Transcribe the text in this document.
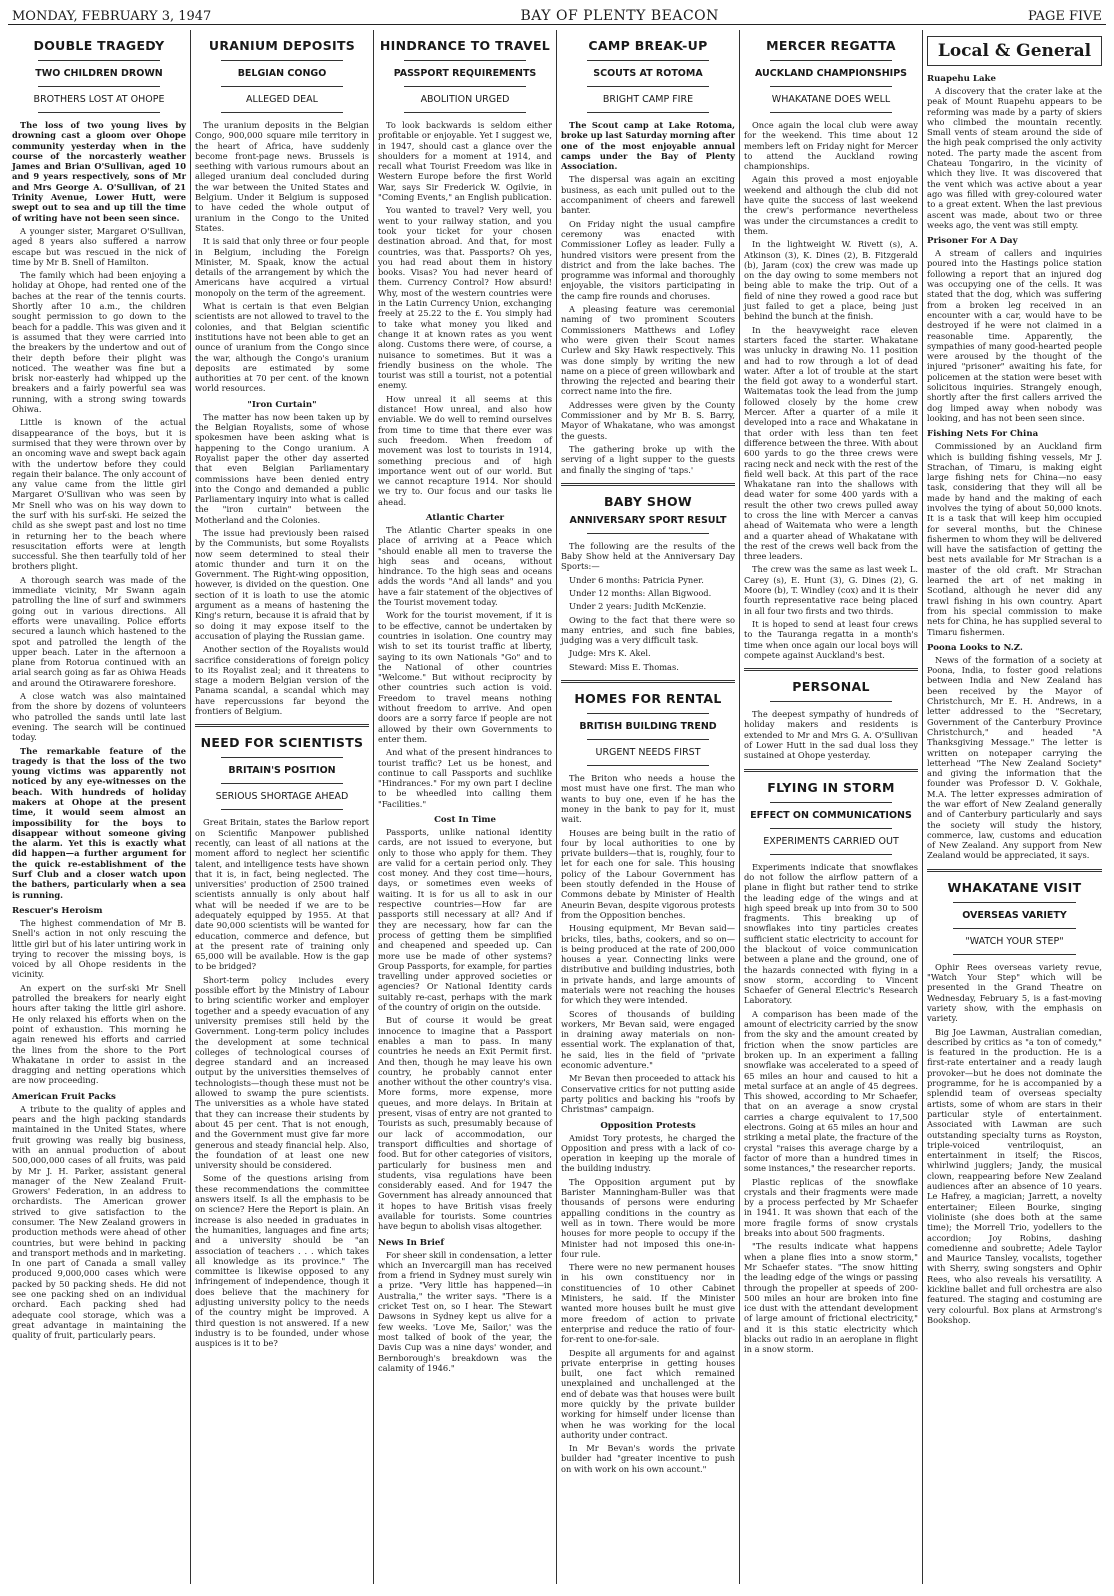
MONDAY, FEBRUARY 3, 1947	BAY OF PLENTY BEACON	PAGE FIVE
DOUBLE TRAGEDY
TWO CHILDREN DROWN
BROTHERS LOST AT OHOPE

The loss of two young lives by drowning cast a gloom over Ohope community yesterday when in the course of the norcasterly weather James and Brian O'Sullivan, aged 10 and 9 years respectively, sons of Mr and Mrs George A. O'Sullivan, of 21 Trinity Avenue, Lower Hutt, were swept out to sea and up till the time of writing have not been seen since.

A younger sister, Margaret O'Sullivan, aged 8 years also suffered a narrow escape but was rescued in the nick of time by Mr B. Snell of Hamilton.

The family which had been enjoying a holiday at Ohope, had rented one of the baches at the rear of the tennis courts. Shortly after 10 a.m., the children sought permission to go down to the beach for a paddle. This was given and it is assumed that they were carried into the breakers by the undertow and out of their depth before their plight was noticed. The weather was fine but a brisk nor-easterly had whipped up the breakers and a fairly powerful sea was running, with a strong swing towards Ohiwa.

Little is known of the actual disappearance of the boys, but it is surmised that they were thrown over by an oncoming wave and swept back again with the undertow before they could regain their balance. The only account of any value came from the little girl Margaret O'Sullivan who was seen by Mr Snell who was on his way down to the surf with his surf-ski. He seized the child as she swept past and lost no time in returning her to the beach where resuscitation efforts were at length successful. She then tearfully told of her brothers plight.

A thorough search was made of the immediate vicinity, Mr Swann again patrolling the line of surf and swimmers going out in various directions. All efforts were unavailing. Police efforts secured a launch which hastened to the spot and patrolled the length of the upper beach. Later in the afternoon a plane from Rotorua continued with an arial search going as far as Ohiwa Heads and around the Otirawarere foreshore.

A close watch was also maintained from the shore by dozens of volunteers who patrolled the sands until late last evening. The search will be continued today.

The remarkable feature of the tragedy is that the loss of the two young victims was apparently not noticed by any eye-witnesses on the beach. With hundreds of holiday makers at Ohope at the present time, it would seem almost an impossibility for the boys to disappear without someone giving the alarm. Yet this is exactly what did happen—a further argument for the quick re-establishment of the Surf Club and a closer watch upon the bathers, particularly when a sea is running.

Rescuer's Heroism

The highest commendation of Mr B. Snell's action in not only rescuing the little girl but of his later untiring work in trying to recover the missing boys, is voiced by all Ohope residents in the vicinity.

An expert on the surf-ski Mr Snell patrolled the breakers for nearly eight hours after taking the little girl ashore. He only relaxed his efforts when on the point of exhaustion. This morning he again renewed his efforts and carried the lines from the shore to the Port Whakatane in order to assist in the dragging and netting operations which are now proceeding.

American Fruit Packs

A tribute to the quality of apples and pears and the high packing standards maintained in the United States, where fruit growing was really big business, with an annual production of about 500,000,000 cases of all fruits, was paid by Mr J. H. Parker, assistant general manager of the New Zealand Fruit-Growers' Federation, in an address to orchardists. The American grower strived to give satisfaction to the consumer. The New Zealand growers in production methods were ahead of other countries, but were behind in packing and transport methods and in marketing. In one part of Canada a small valley produced 9,000,000 cases which were packed by 50 packing sheds. He did not see one packing shed on an individual orchard. Each packing shed had adequate cool storage, which was a great advantage in maintaining the quality of fruit, particularly pears.

URANIUM DEPOSITS
BELGIAN CONGO
ALLEGED DEAL

The uranium deposits in the Belgian Congo, 900,000 square mile territory in the heart of Africa, have suddenly become front-page news. Brussels is seething with various rumours about an alleged uranium deal concluded during the war between the United States and Belgium. Under it Belgium is supposed to have ceded the whole output of uranium in the Congo to the United States.

It is said that only three or four people in Belgium, including the Foreign Minister, M. Spaak, know the actual details of the arrangement by which the Americans have acquired a virtual monopoly on the term of the agreement.

What is certain is that even Belgian scientists are not allowed to travel to the colonies, and that Belgian scientific institutions have not been able to get an ounce of uranium from the Congo since the war, although the Congo's uranium deposits are estimated by some authorities at 70 per cent. of the known world resources.

"Iron Curtain"

The matter has now been taken up by the Belgian Royalists, some of whose spokesmen have been asking what is happening to the Congo uranium. A Royalist paper the other day asserted that even Belgian Parliamentary commissions have been denied entry into the Congo and demanded a public Parliamentary inquiry into what is called the "iron curtain" between the Motherland and the Colonies.

The issue had previously been raised by the Communists, but some Royalists now seem determined to steal their atomic thunder and turn it on the Government. The Right-wing opposition, however, is divided on the question. One section of it is loath to use the atomic argument as a means of hastening the King's return, because it is afraid that by so doing it may expose itself to the accusation of playing the Russian game.

Another section of the Royalists would sacrifice considerations of foreign policy to its Royalist zeal; and it threatens to stage a modern Belgian version of the Panama scandal, a scandal which may have repercussions far beyond the frontiers of Belgium.

NEED FOR SCIENTISTS
BRITAIN'S POSITION
SERIOUS SHORTAGE AHEAD

Great Britain, states the Barlow report on Scientific Manpower published recently, can least of all nations at the moment afford to neglect her scientific talent, and intelligence tests have shown that it is, in fact, being neglected. The universities' production of 2500 trained scientists annually is only about half what will be needed if we are to be adequately equipped by 1955. At that date 90,000 scientists will be wanted for education, commerce and defence, but at the present rate of training only 65,000 will be available. How is the gap to be bridged?

Short-term policy includes every possible effort by the Ministry of Labour to bring scientific worker and employer together and a speedy evacuation of any university premises still held by the Government. Long-term policy includes the development at some technical colleges of technological courses of degree standard and an increased output by the universities themselves of technologists—though these must not be allowed to swamp the pure scientists. The universities as a whole have stated that they can increase their students by about 45 per cent. That is not enough, and the Government must give far more generous and steady financial help. Also, the foundation of at least one new university should be considered.

Some of the questions arising from these recommendations the committee answers itself. Is all the emphasis to be on science? Here the Report is plain. An increase is also needed in graduates in the humanities, languages and fine arts; and a university should be "an association of teachers . . . which takes all knowledge as its province." The committee is likewise opposed to any infringement of independence, though it does believe that the machinery for adjusting university policy to the needs of the country might be improved. A third question is not answered. If a new industry is to be founded, under whose auspices is it to be?

HINDRANCE TO TRAVEL
PASSPORT REQUIREMENTS
ABOLITION URGED

To look backwards is seldom either profitable or enjoyable. Yet I suggest we, in 1947, should cast a glance over the shoulders for a moment at 1914, and recall what Tourist Freedom was like in Western Europe before the first World War, says Sir Frederick W. Ogilvie, in "Coming Events," an English publication.

You wanted to travel? Very well, you went to your railway station, and you took your ticket for your chosen destination abroad. And that, for most countries, was that. Passports? Oh yes, you had read about them in history books. Visas? You had never heard of them. Currency Control? How absurd! Why, most of the western countries were in the Latin Currency Union, exchanging freely at 25.22 to the £. You simply had to take what money you liked and change it at known rates as you went along. Customs there were, of course, a nuisance to sometimes. But it was a friendly business on the whole. The tourist was still a tourist, not a potential enemy.

How unreal it all seems at this distance! How unreal, and also how enviable. We do well to remind ourselves from time to time that there ever was such freedom. When freedom of movement was lost to tourists in 1914, something precious and of high importance went out of our world. But we cannot recapture 1914. Nor should we try to. Our focus and our tasks lie ahead.

Atlantic Charter

The Atlantic Charter speaks in one place of arriving at a Peace which "should enable all men to traverse the high seas and oceans, without hindrance. To the high seas and oceans adds the words "And all lands" and you have a fair statement of the objectives of the Tourist movement today.

Work for the tourist movement, if it is to be effective, cannot be undertaken by countries in isolation. One country may wish to set its tourist traffic at liberty, saying to its own Nationals "Go" and to the National of other countries "Welcome." But without reciprocity by other countries such action is void. Freedom to travel means nothing without freedom to arrive. And open doors are a sorry farce if people are not allowed by their own Governments to enter them.

And what of the present hindrances to tourist traffic? Let us be honest, and continue to call Passports and suchlike "Hindrances." For my own part I decline to be wheedled into calling them "Facilities."

Cost In Time

Passports, unlike national identity cards, are not issued to everyone, but only to those who apply for them. They are valid for a certain period only. They cost money. And they cost time—hours, days, or sometimes even weeks of waiting. It is for us all to ask in our respective countries—How far are passports still necessary at all? And if they are necessary, how far can the process of getting them be simplified and cheapened and speeded up. Can more use be made of other systems? Group Passports, for example, for parties travelling under approved societies or agencies? Or National Identity cards suitably re-cast, perhaps with the mark of the country of origin on the outside.

But of course it would be great innocence to imagine that a Passport enables a man to pass. In many countries he needs an Exit Permit first. And then, though he may leave his own country, he probably cannot enter another without the other country's visa. More forms, more expense, more queues, and more delays. In Britain at present, visas of entry are not granted to Tourists as such, presumably because of our lack of accommodation, our transport difficulties and shortage of food. But for other categories of visitors, particularly for business men and students, visa regulations have been considerably eased. And for 1947 the Government has already announced that it hopes to have British visas freely available for tourists. Some countries have begun to abolish visas altogether.

News In Brief

For sheer skill in condensation, a letter which an Invercargill man has received from a friend in Sydney must surely win a prize. "Very little has happened—in Australia," the writer says. "There is a cricket Test on, so I hear. The Stewart Dawsons in Sydney kept us alive for a few weeks. 'Love Me, Sailor,' was the most talked of book of the year, the Davis Cup was a nine days' wonder, and Bernborough's breakdown was the calamity of 1946."

CAMP BREAK-UP
SCOUTS AT ROTOMA
BRIGHT CAMP FIRE

The Scout camp at Lake Rotoma, broke up last Saturday morning after one of the most enjoyable annual camps under the Bay of Plenty Association.

The dispersal was again an exciting business, as each unit pulled out to the accompaniment of cheers and farewell banter.

On Friday night the usual campfire ceremony was enacted with Commissioner Lofley as leader. Fully a hundred visitors were present from the district and from the lake baches. The programme was informal and thoroughly enjoyable, the visitors participating in the camp fire rounds and choruses.

A pleasing feature was ceremonial naming of two prominent Scouters Commissioners Matthews and Lofley who were given their Scout names Curlew and Sky Hawk respectively. This was done simply by writing the new name on a piece of green willowbark and throwing the rejected and bearing their correct name into the fire.

Addresses were given by the County Commissioner and by Mr B. S. Barry, Mayor of Whakatane, who was amongst the guests.

The gathering broke up with the serving of a light supper to the guests and finally the singing of 'taps.'

BABY SHOW
ANNIVERSARY SPORT RESULT

The following are the results of the Baby Show held at the Anniversary Day Sports:—

Under 6 months: Patricia Pyner.

Under 12 months: Allan Bigwood.

Under 2 years: Judith McKenzie.

Owing to the fact that there were so many entries, and such fine babies, judging was a very difficult task.

Judge: Mrs K. Akel.

Steward: Miss E. Thomas.

HOMES FOR RENTAL
BRITISH BUILDING TREND
URGENT NEEDS FIRST

The Briton who needs a house the most must have one first. The man who wants to buy one, even if he has the money in the bank to pay for it, must wait.

Houses are being built in the ratio of four by local authorities to one by private builders—that is, roughly, four to let for each one for sale. This housing policy of the Labour Government has been stoutly defended in the House of Commons debate by Minister of Health Aneurin Bevan, despite vigorous protests from the Opposition benches.

Housing equipment, Mr Bevan said—bricks, tiles, baths, cookers, and so on—is being produced at the rate of 200,000 houses a year. Connecting links were distributive and building industries, both in private hands, and large amounts of materials were not reaching the houses for which they were intended.

Scores of thousands of building workers, Mr Bevan said, were engaged in draining away materials on non-essential work. The explanation of that, he said, lies in the field of "private economic adventure."

Mr Bevan then proceeded to attack his Conservative critics for not putting aside party politics and backing his "roofs by Christmas" campaign.

Opposition Protests

Amidst Tory protests, he charged the Opposition and press with a lack of co-operation in keeping up the morale of the building industry.

The Opposition argument put by Barister Manningham-Buller was that thousands of persons were enduring appalling conditions in the country as well as in town. There would be more houses for more people to occupy if the Minister had not imposed this one-in-four rule.

There were no new permanent houses in his own constituency nor in constituencies of 10 other Cabinet Ministers, he said. If the Minister wanted more houses built he must give more freedom of action to private enterprise and reduce the ratio of four-for-rent to one-for-sale.

Despite all arguments for and against private enterprise in getting houses built, one fact which remained unexplained and unchallenged at the end of debate was that houses were built more quickly by the private builder working for himself under license than when he was working for the local authority under contract.

In Mr Bevan's words the private builder had "greater incentive to push on with work on his own account."

MERCER REGATTA
AUCKLAND CHAMPIONSHIPS
WHAKATANE DOES WELL

Once again the local club were away for the weekend. This time about 12 members left on Friday night for Mercer to attend the Auckland rowing championships.

Again this proved a most enjoyable weekend and although the club did not have quite the success of last weekend the crew's performance nevertheless was under the circumstances a credit to them.

In the lightweight W. Rivett (s), A. Atkinson (3), K. Dines (2), B. Fitzgerald (b), Jaram (cox) the crew was made up on the day owing to some members not being able to make the trip. Out of a field of nine they rowed a good race but just failed to get a place, being just behind the bunch at the finish.

In the heavyweight race eleven starters faced the starter. Whakatane was unlucky in drawing No. 11 position and had to row through a lot of dead water. After a lot of trouble at the start the field got away to a wonderful start. Waitematas took the lead from the jump followed closely by the home crew Mercer. After a quarter of a mile it developed into a race and Whakatane in that order with less than ten feet difference between the three. With about 600 yards to go the three crews were racing neck and neck with the rest of the field well back. At this part of the race Whakatane ran into the shallows with dead water for some 400 yards with a result the other two crews pulled away to cross the line with Mercer a canvas ahead of Waitemata who were a length and a quarter ahead of Whakatane with the rest of the crews well back from the three leaders.

The crew was the same as last week L. Carey (s), E. Hunt (3), G. Dines (2), G. Moore (b), T. Windley (cox) and it is their fourth representative race being placed in all four two firsts and two thirds.

It is hoped to send at least four crews to the Tauranga regatta in a month's time when once again our local boys will compete against Auckland's best.

PERSONAL

The deepest sympathy of hundreds of holiday makers and residents is extended to Mr and Mrs G. A. O'Sullivan of Lower Hutt in the sad dual loss they sustained at Ohope yesterday.

FLYING IN STORM
EFFECT ON COMMUNICATIONS
EXPERIMENTS CARRIED OUT

Experiments indicate that snowflakes do not follow the airflow pattern of a plane in flight but rather tend to strike the leading edge of the wings and at high speed break up into from 30 to 500 fragments. This breaking up of snowflakes into tiny particles creates sufficient static electricity to account for the blackout of voice communication between a plane and the ground, one of the hazards connected with flying in a snow storm, according to Vincent Schaefer of General Electric's Research Laboratory.

A comparison has been made of the amount of electricity carried by the snow from the sky and the amount created by friction when the snow particles are broken up. In an experiment a falling snowflake was accelerated to a speed of 65 miles an hour and caused to hit a metal surface at an angle of 45 degrees. This showed, according to Mr Schaefer, that on an average a snow crystal carries a charge equivalent to 17,500 electrons. Going at 65 miles an hour and striking a metal plate, the fracture of the crystal "raises this average charge by a factor of more than a hundred times in some instances," the researcher reports.

Plastic replicas of the snowflake crystals and their fragments were made by a process perfected by Mr Schaefer in 1941. It was shown that each of the more fragile forms of snow crystals breaks into about 500 fragments.

"The results indicate what happens when a plane flies into a snow storm," Mr Schaefer states. "The snow hitting the leading edge of the wings or passing through the propeller at speeds of 200-500 miles an hour are broken into fine ice dust with the attendant development of large amount of frictional electricity," and it is this static electricity which blacks out radio in an aeroplane in flight in a snow storm.

Local & General
Ruapehu Lake

A discovery that the crater lake at the peak of Mount Ruapehu appears to be reforming was made by a party of skiers who climbed the mountain recently. Small vents of steam around the side of the high peak comprised the only activity noted. The party made the ascent from Chateau Tongariro, in the vicinity of which they live. It was discovered that the vent which was active about a year ago was filled with grey-coloured water to a great extent. When the last previous ascent was made, about two or three weeks ago, the vent was still empty.

Prisoner For A Day

A stream of callers and inquiries poured into the Hastings police station following a report that an injured dog was occupying one of the cells. It was stated that the dog, which was suffering from a broken leg received in an encounter with a car, would have to be destroyed if he were not claimed in a reasonable time. Apparently, the sympathies of many good-hearted people were aroused by the thought of the injured "prisoner" awaiting his fate, for policemen at the station were beset with solicitous inquiries. Strangely enough, shortly after the first callers arrived the dog limped away when nobody was looking, and has not been seen since.

Fishing Nets For China

Commissioned by an Auckland firm which is building fishing vessels, Mr J. Strachan, of Timaru, is making eight large fishing nets for China—no easy task, considering that they will all be made by hand and the making of each involves the tying of about 50,000 knots. It is a task that will keep him occupied for several months, but the Chinese fishermen to whom they will be delivered will have the satisfaction of getting the best nets available for Mr Strachan is a master of the old craft. Mr Strachan learned the art of net making in Scotland, although he never did any trawl fishing in his own country. Apart from his special commission to make nets for China, he has supplied several to Timaru fishermen.

Poona Looks to N.Z.

News of the formation of a society at Poona, India, to foster good relations between India and New Zealand has been received by the Mayor of Christchurch, Mr E. H. Andrews, in a letter addressed to the "Secretary, Government of the Canterbury Province Christchurch," and headed "A Thanksgiving Message." The letter is written on notepaper carrying the letterhead "The New Zealand Society" and giving the information that the founder was Professor D. V. Gokhale, M.A. The letter expresses admiration of the war effort of New Zealand generally and of Canterbury particularly and says the society will study the history, commerce, law, customs and education of New Zealand. Any support from New Zealand would be appreciated, it says.

WHAKATANE VISIT
OVERSEAS VARIETY
"WATCH YOUR STEP"

Ophir Rees overseas variety revue, "Watch Your Step" which will be presented in the Grand Theatre on Wednesday, February 5, is a fast-moving variety show, with the emphasis on variety.

Big Joe Lawman, Australian comedian, described by critics as "a ton of comedy," is featured in the production. He is a first-rate entertainer and a ready laugh provoker—but he does not dominate the programme, for he is accompanied by a splendid team of overseas specialty artists, some of whom are stars in their particular style of entertainment. Associated with Lawman are such outstanding specialty turns as Royston, triple-voiced ventriloquist, an entertainment in itself; the Riscos, whirlwind jugglers; Jandy, the musical clown, reappearing before New Zealand audiences after an absence of 10 years. Le Hafrey, a magician; Jarrett, a novelty entertainer; Eileen Bourke, singing violiniste (she does both at the same time); the Morrell Trio, yodellers to the accordion; Joy Robins, dashing comedienne and soubrette; Adele Taylor and Maurice Tansley, vocalists, together with Sherry, swing songsters and Ophir Rees, who also reveals his versatility. A kickline ballet and full orchestra are also featured. The staging and costuming are very colourful. Box plans at Armstrong's Bookshop.
